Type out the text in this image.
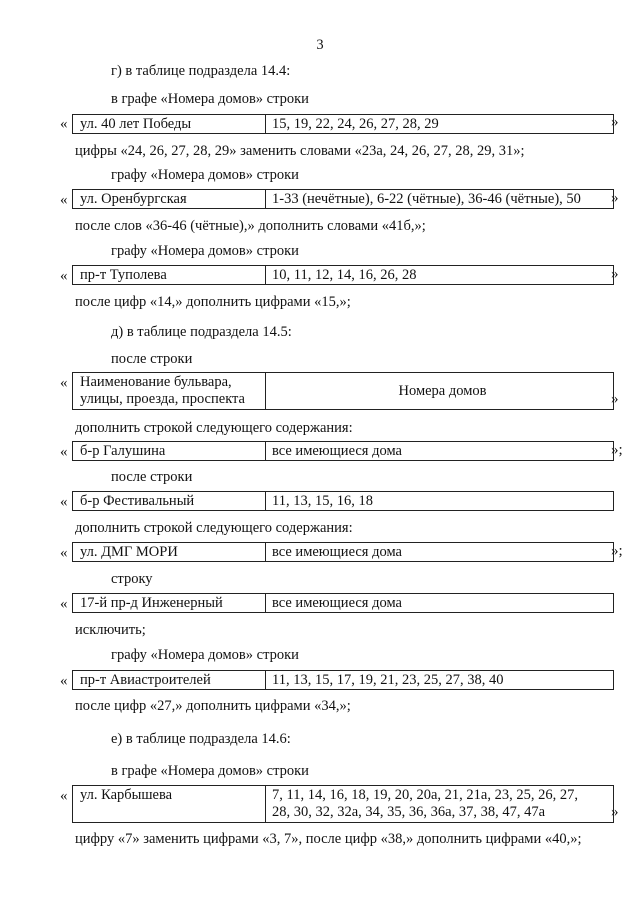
3
г) в таблице подраздела 14.4:
в графе «Номера домов» строки
« ул. 40 лет Победы	15, 19, 22, 24, 26, 27, 28, 29	»
цифры «24, 26, 27, 28, 29» заменить словами «23а, 24, 26, 27, 28, 29, 31»;
графу «Номера домов» строки
« ул. Оренбургская	1-33 (нечётные), 6-22 (чётные), 36-46 (чётные), 50	»
после слов «36-46 (чётные),» дополнить словами «41б,»;
графу «Номера домов» строки
« пр-т Туполева	10, 11, 12, 14, 16, 26, 28	»
после цифр «14,» дополнить цифрами «15,»;
д) в таблице подраздела 14.5:
после строки
« Наименование бульвара,
улицы, проезда, проспекта	Номера домов	»
дополнить строкой следующего содержания:
« б-р Галушина	все имеющиеся дома	»;
после строки
« б-р Фестивальный	11, 13, 15, 16, 18
дополнить строкой следующего содержания:
« ул. ДМГ МОРИ	все имеющиеся дома	»;
строку
« 17-й пр-д Инженерный	все имеющиеся дома
исключить;
графу «Номера домов» строки
« пр-т Авиастроителей	11, 13, 15, 17, 19, 21, 23, 25, 27, 38, 40
после цифр «27,» дополнить цифрами «34,»;
е) в таблице подраздела 14.6:
в графе «Номера домов» строки
« ул. Карбышева	7, 11, 14, 16, 18, 19, 20, 20а, 21, 21а, 23, 25, 26, 27,
28, 30, 32, 32а, 34, 35, 36, 36а, 37, 38, 47, 47а	»
цифру «7» заменить цифрами «3, 7», после цифр «38,» дополнить цифрами «40,»;
